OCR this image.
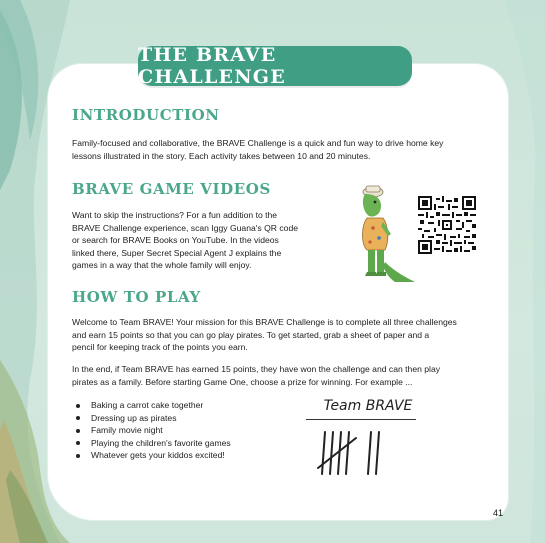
THE BRAVE CHALLENGE
INTRODUCTION
Family-focused and collaborative, the BRAVE Challenge is a quick and fun way to drive home key
lessons illustrated in the story. Each activity takes between 10 and 20 minutes.
BRAVE GAME VIDEOS
Want to skip the instructions? For a fun addition to the
BRAVE Challenge experience, scan Iggy Guana's QR code
or search for BRAVE Books on YouTube. In the videos
linked there, Super Secret Special Agent J explains the
games in a way that the whole family will enjoy.
HOW TO PLAY
Welcome to Team BRAVE! Your mission for this BRAVE Challenge is to complete all three challenges
and earn 15 points so that you can go play pirates. To get started, grab a sheet of paper and a
pencil for keeping track of the points you earn.
In the end, if Team BRAVE has earned 15 points, they have won the challenge and can then play
pirates as a family. Before starting Game One, choose a prize for winning. For example ...
Baking a carrot cake together
Dressing up as pirates
Family movie night
Playing the children's favorite games
Whatever gets your kiddos excited!
Team BRAVE
41
